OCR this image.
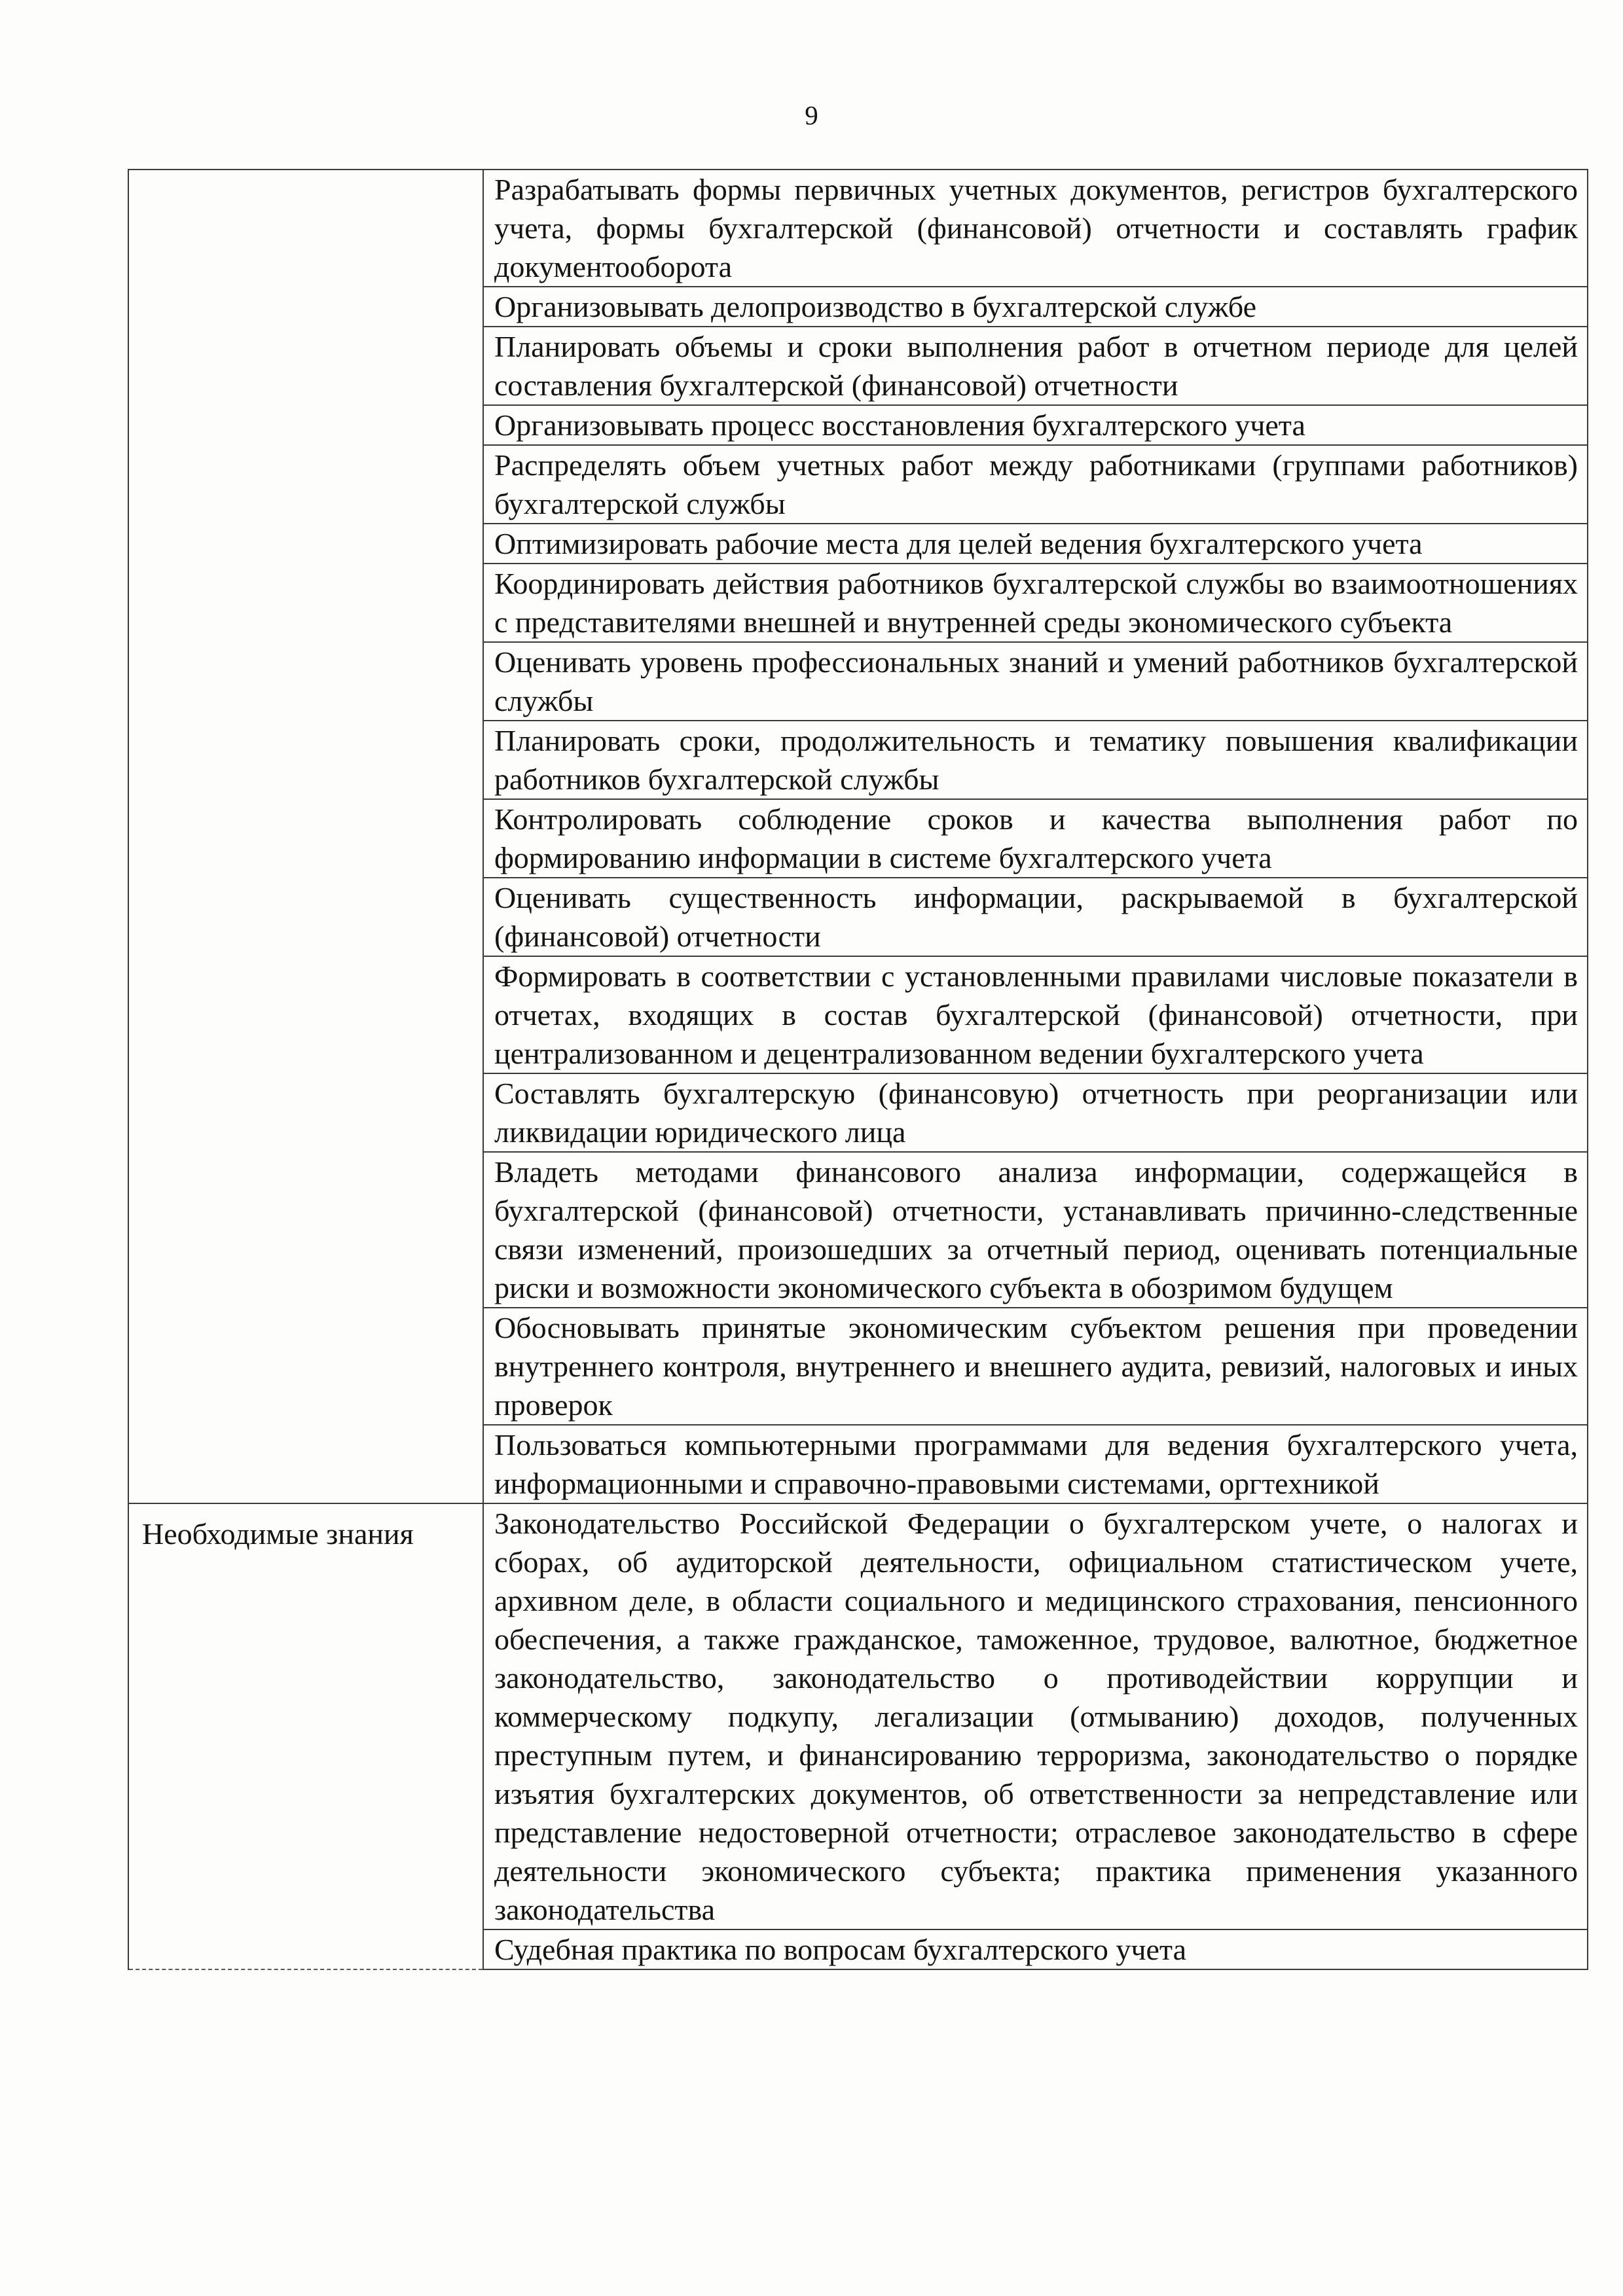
9
	Разрабатывать формы первичных учетных документов, регистров бухгалтерского учета, формы бухгалтерской (финансовой) отчетности и составлять график документооборота
	Организовывать делопроизводство в бухгалтерской службе
	Планировать объемы и сроки выполнения работ в отчетном периоде для целей составления бухгалтерской (финансовой) отчетности
	Организовывать процесс восстановления бухгалтерского учета
	Распределять объем учетных работ между работниками (группами работников) бухгалтерской службы
	Оптимизировать рабочие места для целей ведения бухгалтерского учета
	Координировать действия работников бухгалтерской службы во взаимоотношениях с представителями внешней и внутренней среды экономического субъекта
	Оценивать уровень профессиональных знаний и умений работников бухгалтерской службы
	Планировать сроки, продолжительность и тематику повышения квалификации работников бухгалтерской службы
	Контролировать соблюдение сроков и качества выполнения работ по формированию информации в системе бухгалтерского учета
	Оценивать существенность информации, раскрываемой в бухгалтерской (финансовой) отчетности
	Формировать в соответствии с установленными правилами числовые показатели в отчетах, входящих в состав бухгалтерской (финансовой) отчетности, при централизованном и децентрализованном ведении бухгалтерского учета
	Составлять бухгалтерскую (финансовую) отчетность при реорганизации или ликвидации юридического лица
	Владеть методами финансового анализа информации, содержащейся в бухгалтерской (финансовой) отчетности, устанавливать причинно-следственные связи изменений, произошедших за отчетный период, оценивать потенциальные риски и возможности экономического субъекта в обозримом будущем
	Обосновывать принятые экономическим субъектом решения при проведении внутреннего контроля, внутреннего и внешнего аудита, ревизий, налоговых и иных проверок
	Пользоваться компьютерными программами для ведения бухгалтерского учета, информационными и справочно-правовыми системами, оргтехникой
Необходимые знания	Законодательство Российской Федерации о бухгалтерском учете, о налогах и сборах, об аудиторской деятельности, официальном статистическом учете, архивном деле, в области социального и медицинского страхования, пенсионного обеспечения, а также гражданское, таможенное, трудовое, валютное, бюджетное законодательство, законодательство о противодействии коррупции и коммерческому подкупу, легализации (отмыванию) доходов, полученных преступным путем, и финансированию терроризма, законодательство о порядке изъятия бухгалтерских документов, об ответственности за непредставление или представление недостоверной отчетности; отраслевое законодательство в сфере деятельности экономического субъекта; практика применения указанного законодательства
	Судебная практика по вопросам бухгалтерского учета
